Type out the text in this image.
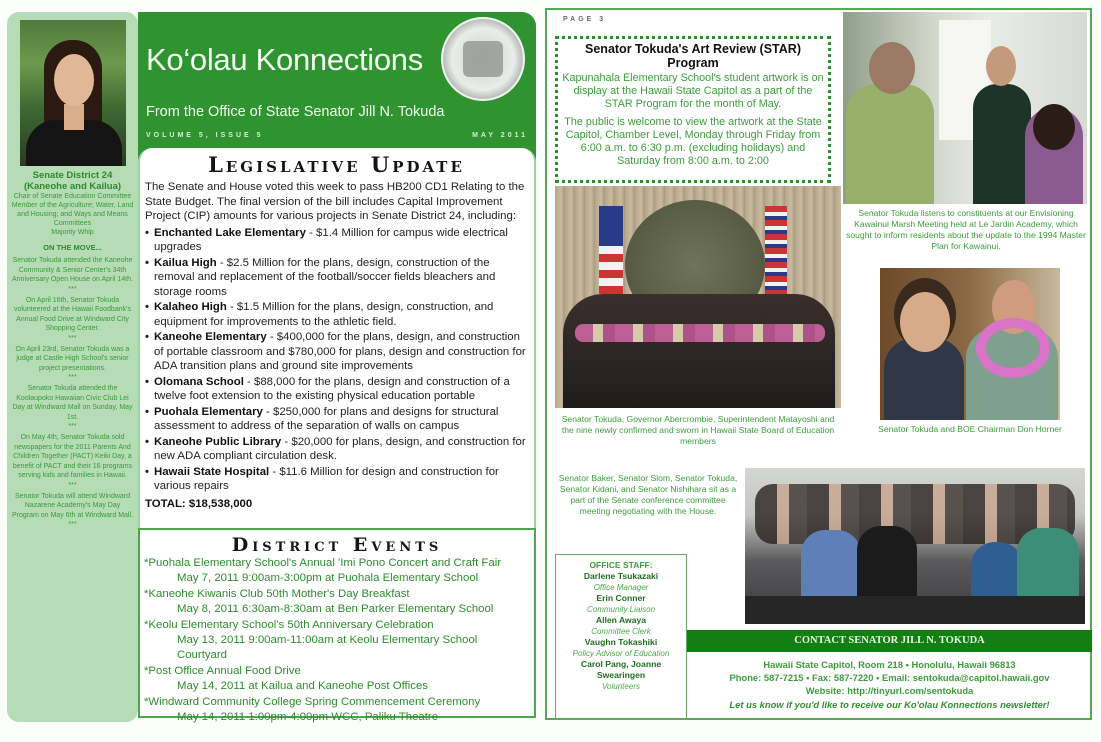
Senate District 24
(Kaneohe and Kailua)
Chair of Senate Education Committee
Member of the Agriculture; Water, Land and Housing; and Ways and Means Committees
Majority Whip
ON THE MOVE...
Senator Tokuda attended the Kaneohe Community & Senior Center's 34th Anniversary Open House on April 14th.
***
On April 16th, Senator Tokuda volunteered at the Hawaii Foodbank's Annual Food Drive at Windward City Shopping Center.
***
On April 23rd, Senator Tokuda was a judge at Castle High School's senior project presentations.
***
Senator Tokuda attended the Koolaupoko Hawaiian Civic Club Lei Day at Windward Mall on Sunday, May 1st.
***
On May 4th, Senator Tokuda sold newspapers for the 2011 Parents And Children Together (PACT) Keiki Day, a benefit of PACT and their 16 programs serving kids and families in Hawaii.
***
Senator Tokuda will attend Windward Nazarene Academy's May Day Program on May 6th at Windward Mall.
***
Ko‘olau Konnections
From the Office of State Senator Jill N. Tokuda
VOLUME 5, ISSUE 5	MAY 2011
Legislative Update
The Senate and House voted this week to pass HB200 CD1 Relating to the State Budget. The final version of the bill includes Capital Improvement Project (CIP) amounts for various projects in Senate District 24, including:
• Enchanted Lake Elementary - $1.4 Million for campus wide electrical upgrades
• Kailua High - $2.5 Million for the plans, design, construction of the removal and replacement of the football/soccer fields bleachers and storage rooms
• Kalaheo High - $1.5 Million for the plans, design, construction, and equipment for improvements to the athletic field.
• Kaneohe Elementary - $400,000 for the plans, design, and construction of portable classroom and $780,000 for plans, design and construction for ADA transition plans and ground site improvements
• Olomana School - $88,000 for the plans, design and construction of a twelve foot extension to the existing physical education portable
• Puohala Elementary - $250,000 for plans and designs for structural assessment to address of the separation of walls on campus
• Kaneohe Public Library - $20,000 for plans, design, and construction for new ADA compliant circulation desk.
• Hawaii State Hospital - $11.6 Million for design and construction for various repairs
TOTAL: $18,538,000
District Events
*Puohala Elementary School's Annual 'Imi Pono Concert and Craft Fair
May 7, 2011 9:00am-3:00pm at Puohala Elementary School
*Kaneohe Kiwanis Club 50th Mother's Day Breakfast
May 8, 2011 6:30am-8:30am at Ben Parker Elementary School
*Keolu Elementary School's 50th Anniversary Celebration
May 13, 2011 9:00am-11:00am at Keolu Elementary School Courtyard
*Post Office Annual Food Drive
May 14, 2011 at Kailua and Kaneohe Post Offices
*Windward Community College Spring Commencement Ceremony
May 14, 2011 1:00pm-4:00pm WCC, Paliku Theatre
PAGE 3
Senator Tokuda's Art Review (STAR) Program

Kapunahala Elementary School's student artwork is on display at the Hawaii State Capitol as a part of the STAR Program for the month of May.

The public is welcome to view the artwork at the State Capitol, Chamber Level, Monday through Friday from 6:00 a.m. to 6:30 p.m. (excluding holidays) and Saturday from 8:00 a.m. to 2:00

Senator Tokuda listens to constituents at our Envisioning Kawainui Marsh Meeting held at Le Jardin Academy, which sought to inform residents about the update to the 1994 Master Plan for Kawainui.
Senator Tokuda, Governor Abercrombie, Superintendent Matayoshi and the nine newly confirmed and sworn in Hawaii State Board of Education members
Senator Tokuda and BOE Chairman Don Horner
Senator Baker, Senator Slom, Senator Tokuda, Senator Kidani, and Senator Nishihara sit as a part of the Senate conference committee meeting negotiating with the House.
OFFICE STAFF:
Darlene Tsukazaki
Office Manager
Erin Conner
Community Liaison
Allen Awaya
Committee Clerk
Vaughn Tokashiki
Policy Advisor of Education
Carol Pang, Joanne Swearingen
Volunteers
CONTACT SENATOR JILL N. TOKUDA
Hawaii State Capitol, Room 218 • Honolulu, Hawaii 96813
Phone: 587-7215 • Fax: 587-7220 • Email: sentokuda@capitol.hawaii.gov
Website: http://tinyurl.com/sentokuda
Let us know if you'd like to receive our Ko'olau Konnections newsletter!
